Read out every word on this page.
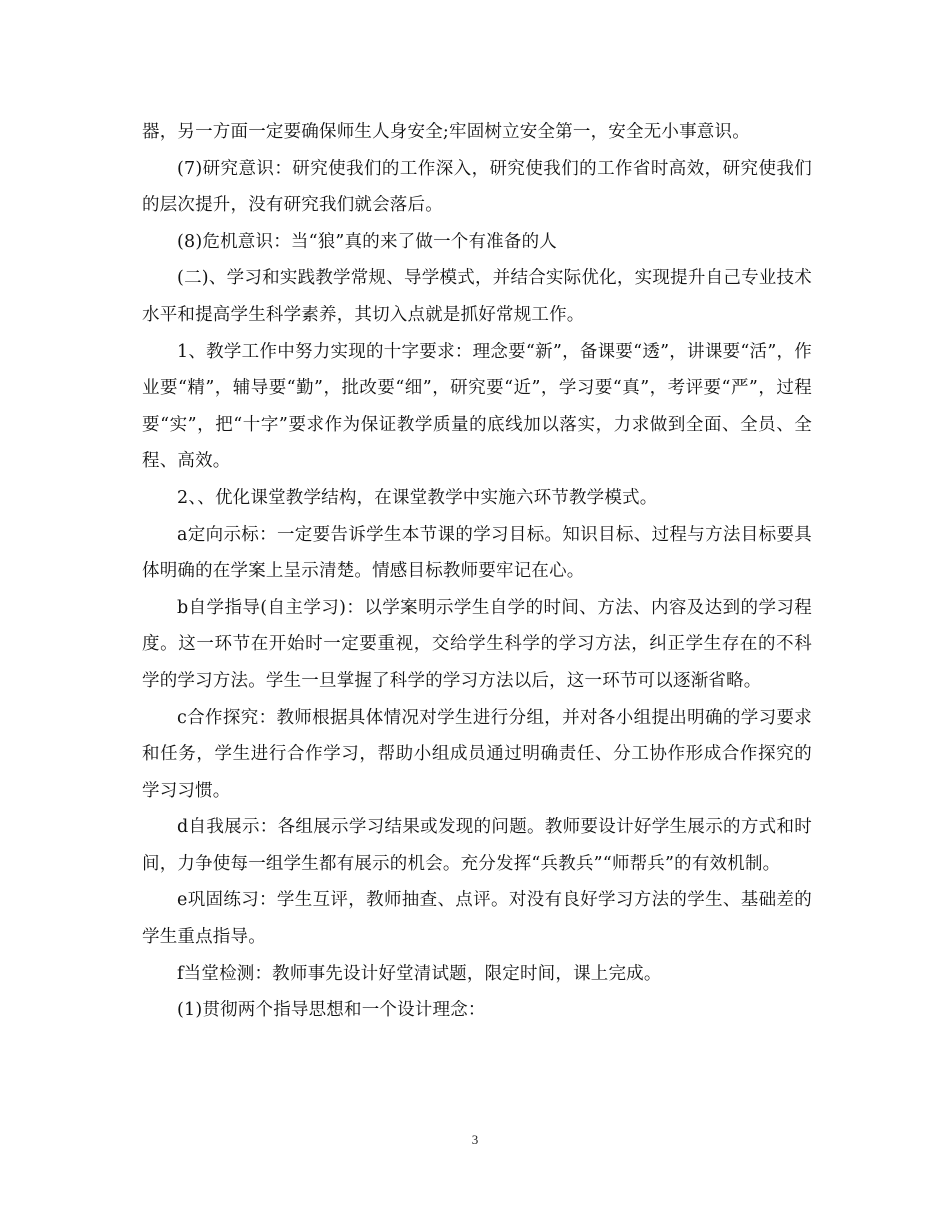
器，另一方面一定要确保师生人身安全;牢固树立安全第一，安全无小事意识。

(7)研究意识：研究使我们的工作深入，研究使我们的工作省时高效，研究使我们的层次提升，没有研究我们就会落后。

(8)危机意识：当“狼”真的来了做一个有准备的人

(二)、学习和实践教学常规、导学模式，并结合实际优化，实现提升自己专业技术水平和提高学生科学素养，其切入点就是抓好常规工作。

1、教学工作中努力实现的十字要求：理念要“新”，备课要“透”，讲课要“活”，作业要“精”，辅导要“勤”，批改要“细”，研究要“近”，学习要“真”，考评要“严”，过程要“实”，把“十字”要求作为保证教学质量的底线加以落实，力求做到全面、全员、全程、高效。

2、、优化课堂教学结构，在课堂教学中实施六环节教学模式。

a定向示标：一定要告诉学生本节课的学习目标。知识目标、过程与方法目标要具体明确的在学案上呈示清楚。情感目标教师要牢记在心。

b自学指导(自主学习)：以学案明示学生自学的时间、方法、内容及达到的学习程度。这一环节在开始时一定要重视，交给学生科学的学习方法，纠正学生存在的不科学的学习方法。学生一旦掌握了科学的学习方法以后，这一环节可以逐渐省略。

c合作探究：教师根据具体情况对学生进行分组，并对各小组提出明确的学习要求和任务，学生进行合作学习，帮助小组成员通过明确责任、分工协作形成合作探究的学习习惯。

d自我展示：各组展示学习结果或发现的问题。教师要设计好学生展示的方式和时间，力争使每一组学生都有展示的机会。充分发挥“兵教兵”“师帮兵”的有效机制。

e巩固练习：学生互评，教师抽查、点评。对没有良好学习方法的学生、基础差的学生重点指导。

f当堂检测：教师事先设计好堂清试题，限定时间，课上完成。

(1)贯彻两个指导思想和一个设计理念：

3
